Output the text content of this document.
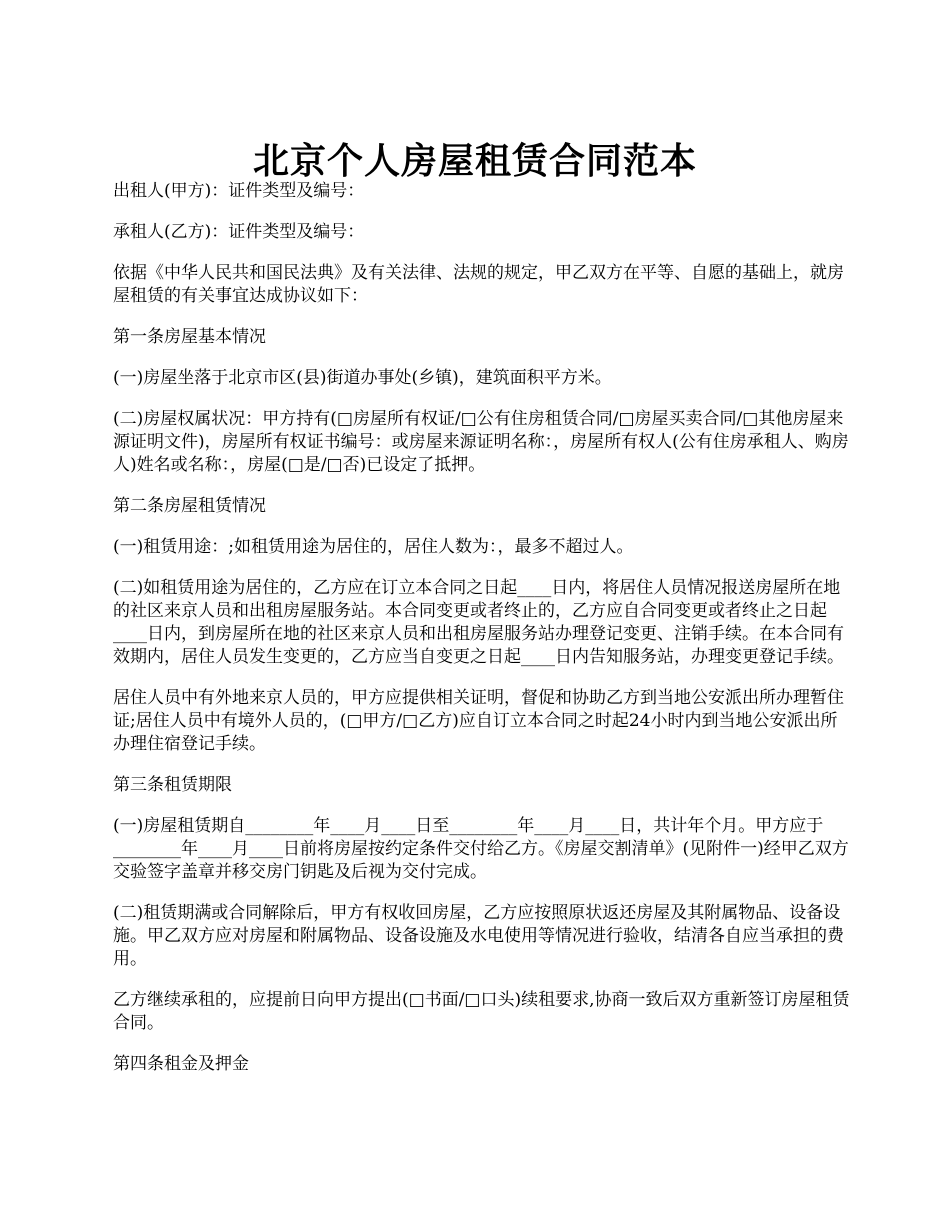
北京个人房屋租赁合同范本

出租人(甲方)：证件类型及编号：

承租人(乙方)：证件类型及编号：

依据《中华人民共和国民法典》及有关法律、法规的规定，甲乙双方在平等、自愿的基础上，就房屋租赁的有关事宜达成协议如下：

第一条房屋基本情况

(一)房屋坐落于北京市区(县)街道办事处(乡镇)，建筑面积平方米。

(二)房屋权属状况：甲方持有(□房屋所有权证/□公有住房租赁合同/□房屋买卖合同/□其他房屋来源证明文件)，房屋所有权证书编号：或房屋来源证明名称：，房屋所有权人(公有住房承租人、购房人)姓名或名称：，房屋(□是/□否)已设定了抵押。

第二条房屋租赁情况

(一)租赁用途：;如租赁用途为居住的，居住人数为：，最多不超过人。

(二)如租赁用途为居住的，乙方应在订立本合同之日起____日内，将居住人员情况报送房屋所在地的社区来京人员和出租房屋服务站。本合同变更或者终止的，乙方应自合同变更或者终止之日起____日内，到房屋所在地的社区来京人员和出租房屋服务站办理登记变更、注销手续。在本合同有效期内，居住人员发生变更的，乙方应当自变更之日起____日内告知服务站，办理变更登记手续。

居住人员中有外地来京人员的，甲方应提供相关证明，督促和协助乙方到当地公安派出所办理暂住证;居住人员中有境外人员的，(□甲方/□乙方)应自订立本合同之时起24小时内到当地公安派出所办理住宿登记手续。

第三条租赁期限

(一)房屋租赁期自________年____月____日至________年____月____日，共计年个月。甲方应于________年____月____日前将房屋按约定条件交付给乙方。《房屋交割清单》(见附件一)经甲乙双方交验签字盖章并移交房门钥匙及后视为交付完成。

(二)租赁期满或合同解除后，甲方有权收回房屋，乙方应按照原状返还房屋及其附属物品、设备设施。甲乙双方应对房屋和附属物品、设备设施及水电使用等情况进行验收，结清各自应当承担的费用。

乙方继续承租的，应提前日向甲方提出(□书面/□口头)续租要求,协商一致后双方重新签订房屋租赁合同。

第四条租金及押金
